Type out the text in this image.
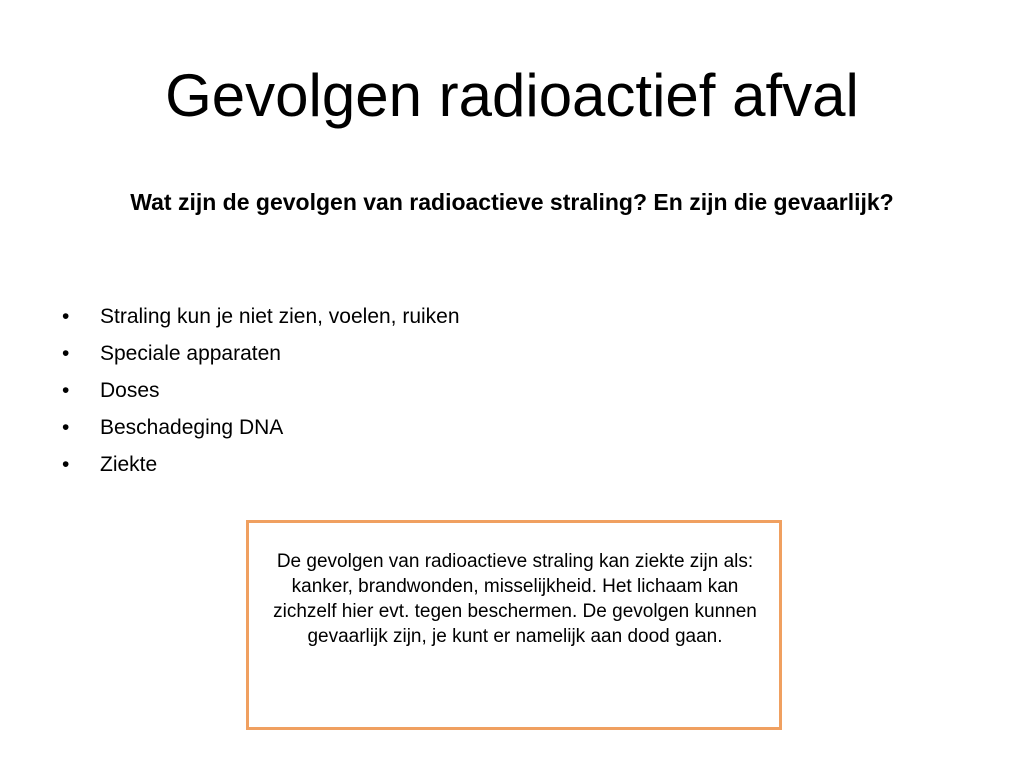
Gevolgen radioactief afval

Wat zijn de gevolgen van radioactieve straling? En zijn die gevaarlijk?

•	Straling kun je niet zien, voelen, ruiken
•	Speciale apparaten
•	Doses
•	Beschadeging DNA
•	Ziekte

De gevolgen van radioactieve straling kan ziekte zijn als: kanker, brandwonden, misselijkheid. Het lichaam kan zichzelf hier evt. tegen beschermen. De gevolgen kunnen gevaarlijk zijn, je kunt er namelijk aan dood gaan.
